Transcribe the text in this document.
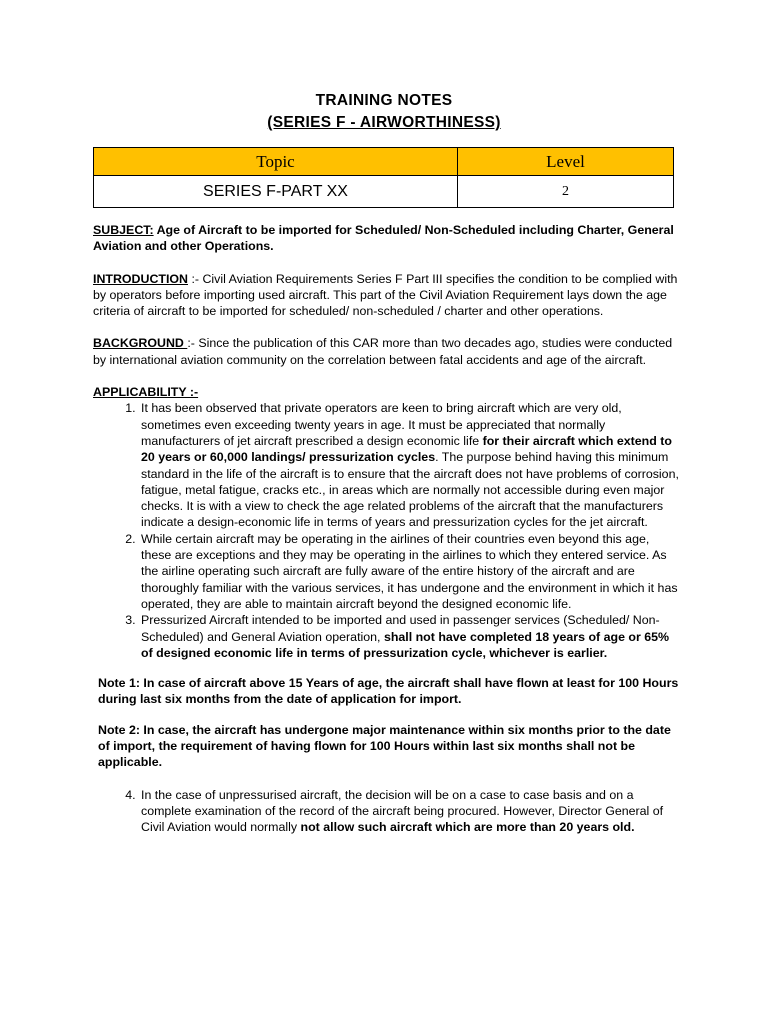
TRAINING NOTES
(SERIES F - AIRWORTHINESS)
Topic	Level
SERIES F-PART XX	2

SUBJECT: Age of Aircraft to be imported for Scheduled/ Non-Scheduled including Charter, General Aviation and other Operations.

INTRODUCTION :- Civil Aviation Requirements Series F Part III specifies the condition to be complied with by operators before importing used aircraft. This part of the Civil Aviation Requirement lays down the age criteria of aircraft to be imported for scheduled/ non-scheduled / charter and other operations.

BACKGROUND :- Since the publication of this CAR more than two decades ago, studies were conducted by international aviation community on the correlation between fatal accidents and age of the aircraft.

APPLICABILITY :-

1. It has been observed that private operators are keen to bring aircraft which are very old, sometimes even exceeding twenty years in age. It must be appreciated that normally manufacturers of jet aircraft prescribed a design economic life for their aircraft which extend to 20 years or 60,000 landings/ pressurization cycles. The purpose behind having this minimum standard in the life of the aircraft is to ensure that the aircraft does not have problems of corrosion, fatigue, metal fatigue, cracks etc., in areas which are normally not accessible during even major checks. It is with a view to check the age related problems of the aircraft that the manufacturers indicate a design-economic life in terms of years and pressurization cycles for the jet aircraft.
2. While certain aircraft may be operating in the airlines of their countries even beyond this age, these are exceptions and they may be operating in the airlines to which they entered service. As the airline operating such aircraft are fully aware of the entire history of the aircraft and are thoroughly familiar with the various services, it has undergone and the environment in which it has operated, they are able to maintain aircraft beyond the designed economic life.
3. Pressurized Aircraft intended to be imported and used in passenger services (Scheduled/ Non-Scheduled) and General Aviation operation, shall not have completed 18 years of age or 65% of designed economic life in terms of pressurization cycle, whichever is earlier.

Note 1: In case of aircraft above 15 Years of age, the aircraft shall have flown at least for 100 Hours during last six months from the date of application for import.

Note 2: In case, the aircraft has undergone major maintenance within six months prior to the date of import, the requirement of having flown for 100 Hours within last six months shall not be applicable.

4. In the case of unpressurised aircraft, the decision will be on a case to case basis and on a complete examination of the record of the aircraft being procured. However, Director General of Civil Aviation would normally not allow such aircraft which are more than 20 years old.
